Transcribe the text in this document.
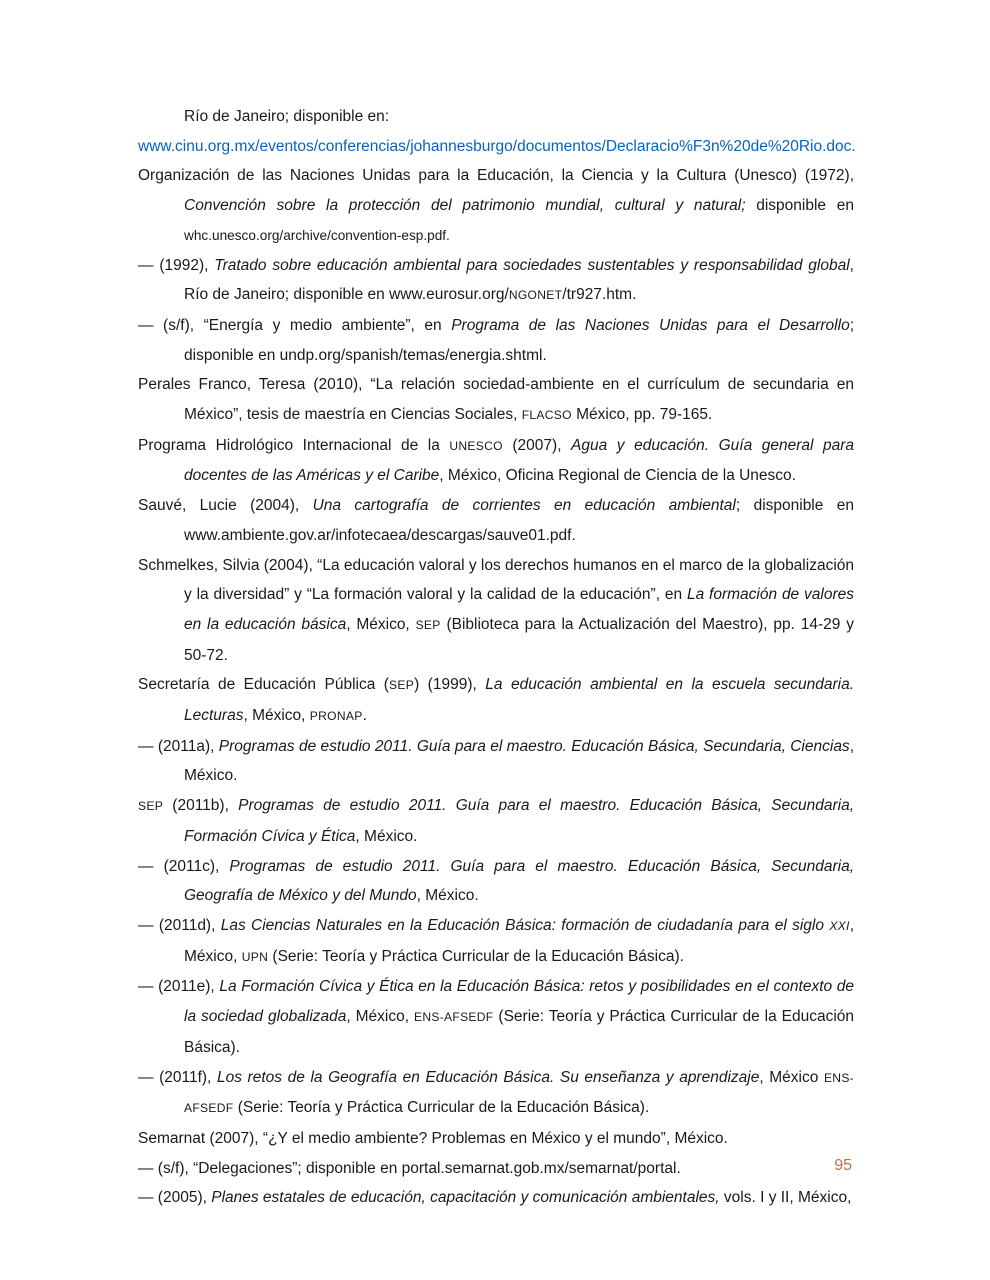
Río de Janeiro; disponible en:

www.cinu.org.mx/eventos/conferencias/johannesburgo/documentos/Declaracio%F3n%20de%20Rio.doc.

Organización de las Naciones Unidas para la Educación, la Ciencia y la Cultura (Unesco) (1972), Convención sobre la protección del patrimonio mundial, cultural y natural; disponible en whc.unesco.org/archive/convention-esp.pdf.

— (1992), Tratado sobre educación ambiental para sociedades sustentables y responsabilidad global, Río de Janeiro; disponible en www.eurosur.org/NGONET/tr927.htm.

— (s/f), “Energía y medio ambiente”, en Programa de las Naciones Unidas para el Desarrollo; disponible en undp.org/spanish/temas/energia.shtml.

Perales Franco, Teresa (2010), “La relación sociedad-ambiente en el currículum de secundaria en México”, tesis de maestría en Ciencias Sociales, FLACSO México, pp. 79-165.

Programa Hidrológico Internacional de la UNESCO (2007), Agua y educación. Guía general para docentes de las Américas y el Caribe, México, Oficina Regional de Ciencia de la Unesco.

Sauvé, Lucie (2004), Una cartografía de corrientes en educación ambiental; disponible en www.ambiente.gov.ar/infotecaea/descargas/sauve01.pdf.

Schmelkes, Silvia (2004), “La educación valoral y los derechos humanos en el marco de la globalización y la diversidad” y “La formación valoral y la calidad de la educación”, en La formación de valores en la educación básica, México, SEP (Biblioteca para la Actualización del Maestro), pp. 14-29 y 50-72.

Secretaría de Educación Pública (SEP) (1999), La educación ambiental en la escuela secundaria. Lecturas, México, PRONAP.

— (2011a), Programas de estudio 2011. Guía para el maestro. Educación Básica, Secundaria, Ciencias, México.

SEP (2011b), Programas de estudio 2011. Guía para el maestro. Educación Básica, Secundaria, Formación Cívica y Ética, México.

— (2011c), Programas de estudio 2011. Guía para el maestro. Educación Básica, Secundaria, Geografía de México y del Mundo, México.

— (2011d), Las Ciencias Naturales en la Educación Básica: formación de ciudadanía para el siglo XXI, México, UPN (Serie: Teoría y Práctica Curricular de la Educación Básica).

— (2011e), La Formación Cívica y Ética en la Educación Básica: retos y posibilidades en el contexto de la sociedad globalizada, México, ENS-AFSEDF (Serie: Teoría y Práctica Curricular de la Educación Básica).

— (2011f), Los retos de la Geografía en Educación Básica. Su enseñanza y aprendizaje, México ENS-AFSEDF (Serie: Teoría y Práctica Curricular de la Educación Básica).

Semarnat (2007), “¿Y el medio ambiente? Problemas en México y el mundo”, México.

— (s/f), “Delegaciones”; disponible en portal.semarnat.gob.mx/semarnat/portal.

— (2005), Planes estatales de educación, capacitación y comunicación ambientales, vols. I y II, México,

95
